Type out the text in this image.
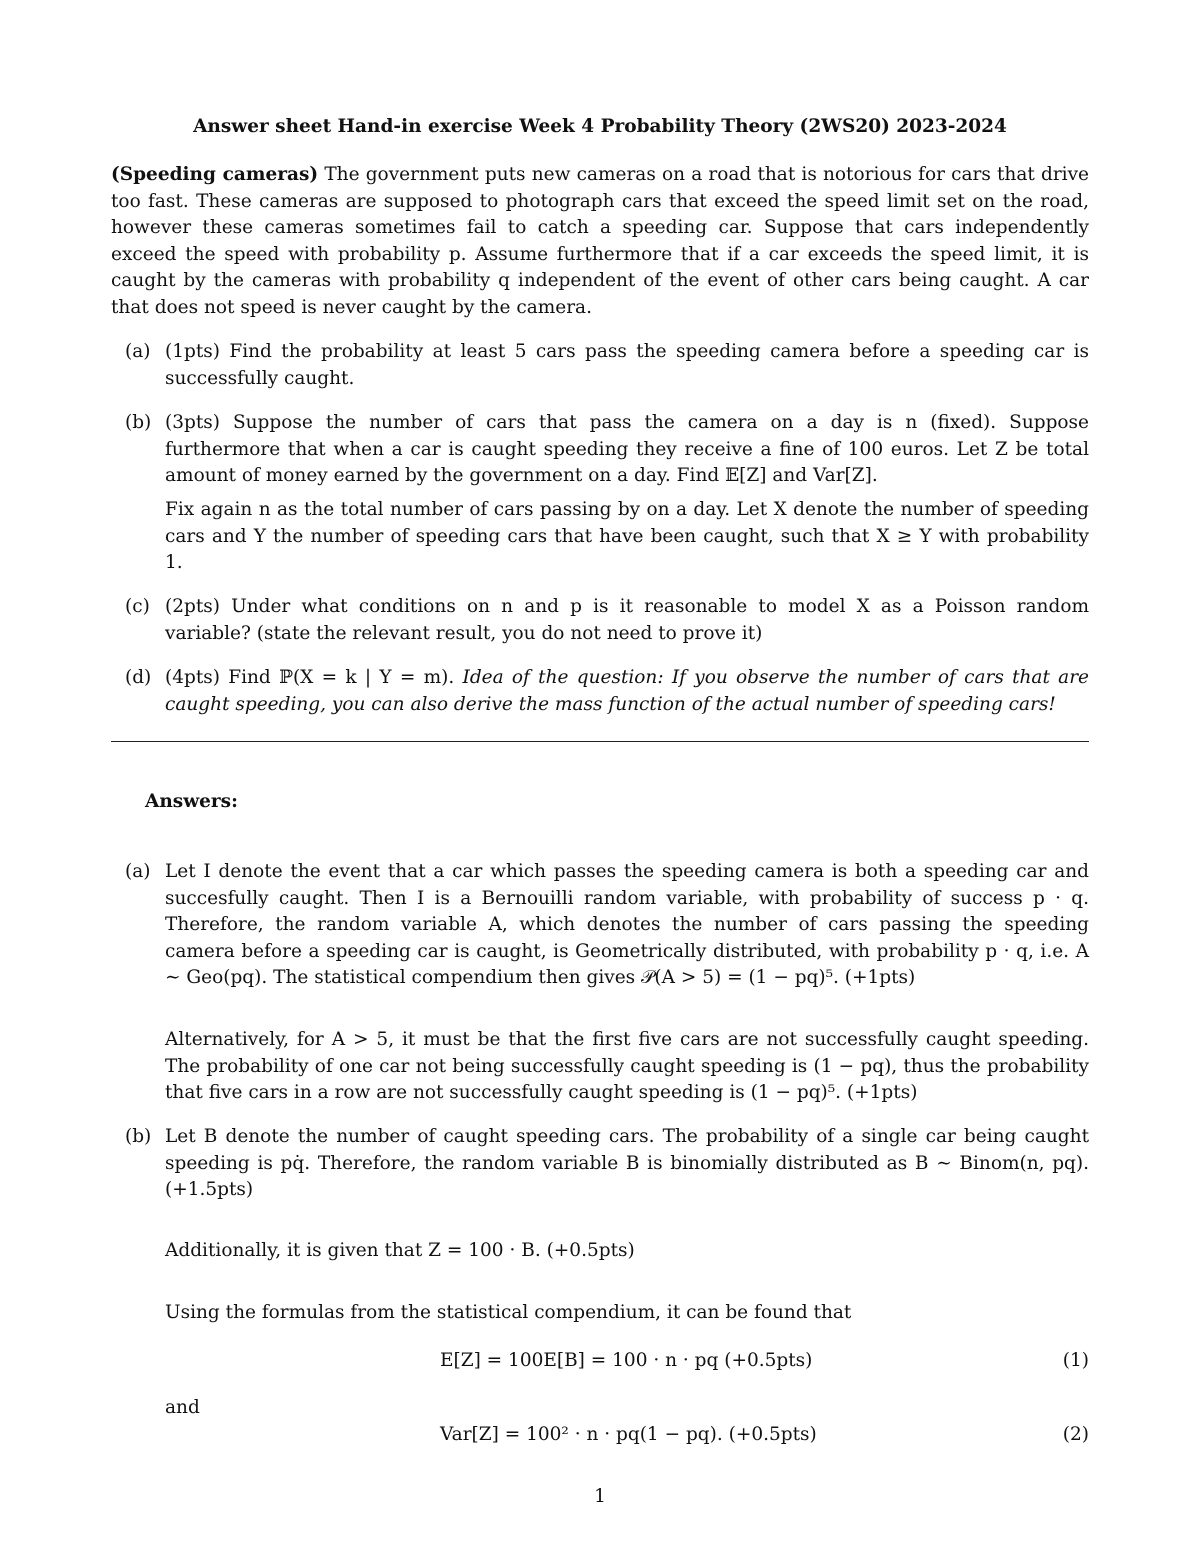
Answer sheet Hand-in exercise Week 4 Probability Theory (2WS20) 2023-2024
(Speeding cameras) The government puts new cameras on a road that is notorious for cars that drive too fast. These cameras are supposed to photograph cars that exceed the speed limit set on the road, however these cameras sometimes fail to catch a speeding car. Suppose that cars independently exceed the speed with probability p. Assume furthermore that if a car exceeds the speed limit, it is caught by the cameras with probability q independent of the event of other cars being caught. A car that does not speed is never caught by the camera.
(a) (1pts) Find the probability at least 5 cars pass the speeding camera before a speeding car is successfully caught.
(b) (3pts) Suppose the number of cars that pass the camera on a day is n (fixed). Suppose furthermore that when a car is caught speeding they receive a fine of 100 euros. Let Z be total amount of money earned by the government on a day. Find 𝔼[Z] and Var[Z].
Fix again n as the total number of cars passing by on a day. Let X denote the number of speeding cars and Y the number of speeding cars that have been caught, such that X ≥ Y with probability 1.
(c) (2pts) Under what conditions on n and p is it reasonable to model X as a Poisson random variable? (state the relevant result, you do not need to prove it)
(d) (4pts) Find ℙ(X = k | Y = m). Idea of the question: If you observe the number of cars that are caught speeding, you can also derive the mass function of the actual number of speeding cars!
Answers:
(a) Let I denote the event that a car which passes the speeding camera is both a speeding car and succesfully caught. Then I is a Bernouilli random variable, with probability of success p · q. Therefore, the random variable A, which denotes the number of cars passing the speeding camera before a speeding car is caught, is Geometrically distributed, with probability p · q, i.e. A ∼ Geo(pq). The statistical compendium then gives 𝒫(A > 5) = (1 − pq)⁵. (+1pts)
Alternatively, for A > 5, it must be that the first five cars are not successfully caught speeding. The probability of one car not being successfully caught speeding is (1 − pq), thus the probability that five cars in a row are not successfully caught speeding is (1 − pq)⁵. (+1pts)
(b) Let B denote the number of caught speeding cars. The probability of a single car being caught speeding is pq̇. Therefore, the random variable B is binomially distributed as B ∼ Binom(n, pq). (+1.5pts)
Additionally, it is given that Z = 100 · B. (+0.5pts)
Using the formulas from the statistical compendium, it can be found that
E[Z] = 100E[B] = 100 · n · pq (+0.5pts)	(1)
and
Var[Z] = 100² · n · pq(1 − pq). (+0.5pts)	(2)
1
